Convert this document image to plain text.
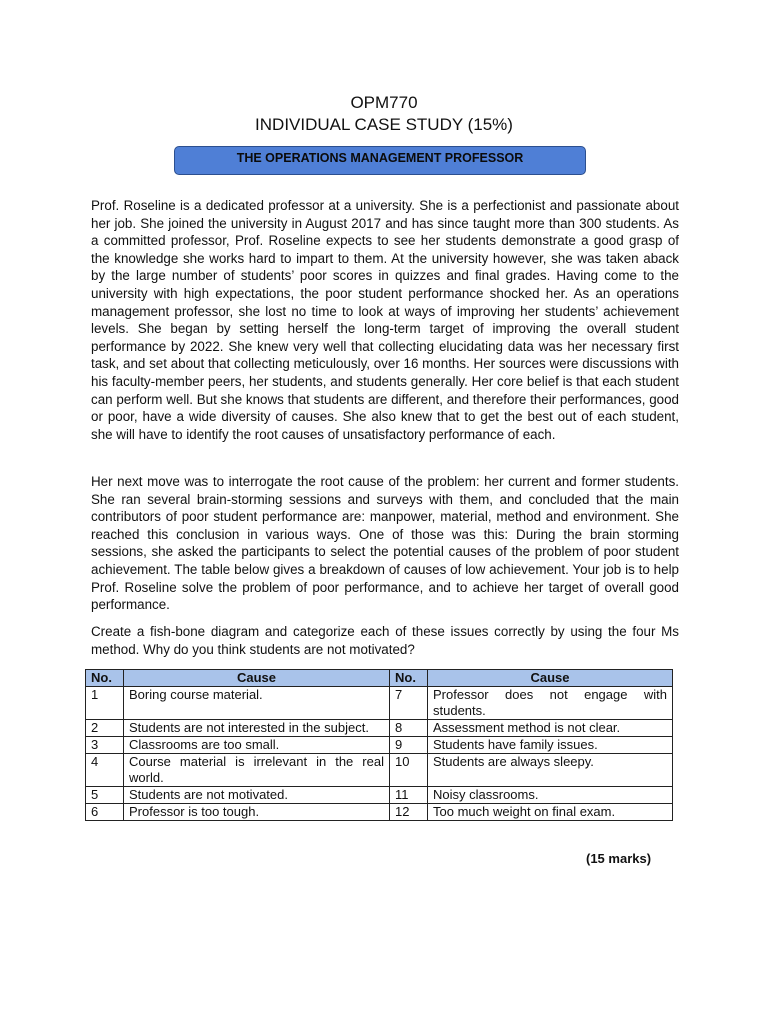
OPM770
INDIVIDUAL CASE STUDY (15%)
THE OPERATIONS MANAGEMENT PROFESSOR

Prof. Roseline is a dedicated professor at a university. She is a perfectionist and passionate about her job. She joined the university in August 2017 and has since taught more than 300 students. As a committed professor, Prof. Roseline expects to see her students demonstrate a good grasp of the knowledge she works hard to impart to them. At the university however, she was taken aback by the large number of students’ poor scores in quizzes and final grades. Having come to the university with high expectations, the poor student performance shocked her. As an operations management professor, she lost no time to look at ways of improving her students’ achievement levels. She began by setting herself the long-term target of improving the overall student performance by 2022. She knew very well that collecting elucidating data was her necessary first task, and set about that collecting meticulously, over 16 months. Her sources were discussions with his faculty-member peers, her students, and students generally. Her core belief is that each student can perform well. But she knows that students are different, and therefore their performances, good or poor, have a wide diversity of causes. She also knew that to get the best out of each student, she will have to identify the root causes of unsatisfactory performance of each.

Her next move was to interrogate the root cause of the problem: her current and former students. She ran several brain-storming sessions and surveys with them, and concluded that the main contributors of poor student performance are: manpower, material, method and environment. She reached this conclusion in various ways. One of those was this: During the brain storming sessions, she asked the participants to select the potential causes of the problem of poor student achievement. The table below gives a breakdown of causes of low achievement. Your job is to help Prof. Roseline solve the problem of poor performance, and to achieve her target of overall good performance.

Create a fish-bone diagram and categorize each of these issues correctly by using the four Ms method. Why do you think students are not motivated?

No.	Cause	No.	Cause
1	Boring course material.	7	Professor does not engage with students.
2	Students are not interested in the subject.	8	Assessment method is not clear.
3	Classrooms are too small.	9	Students have family issues.
4	Course material is irrelevant in the real world.	10	Students are always sleepy.
5	Students are not motivated.	11	Noisy classrooms.
6	Professor is too tough.	12	Too much weight on final exam.
(15 marks)
